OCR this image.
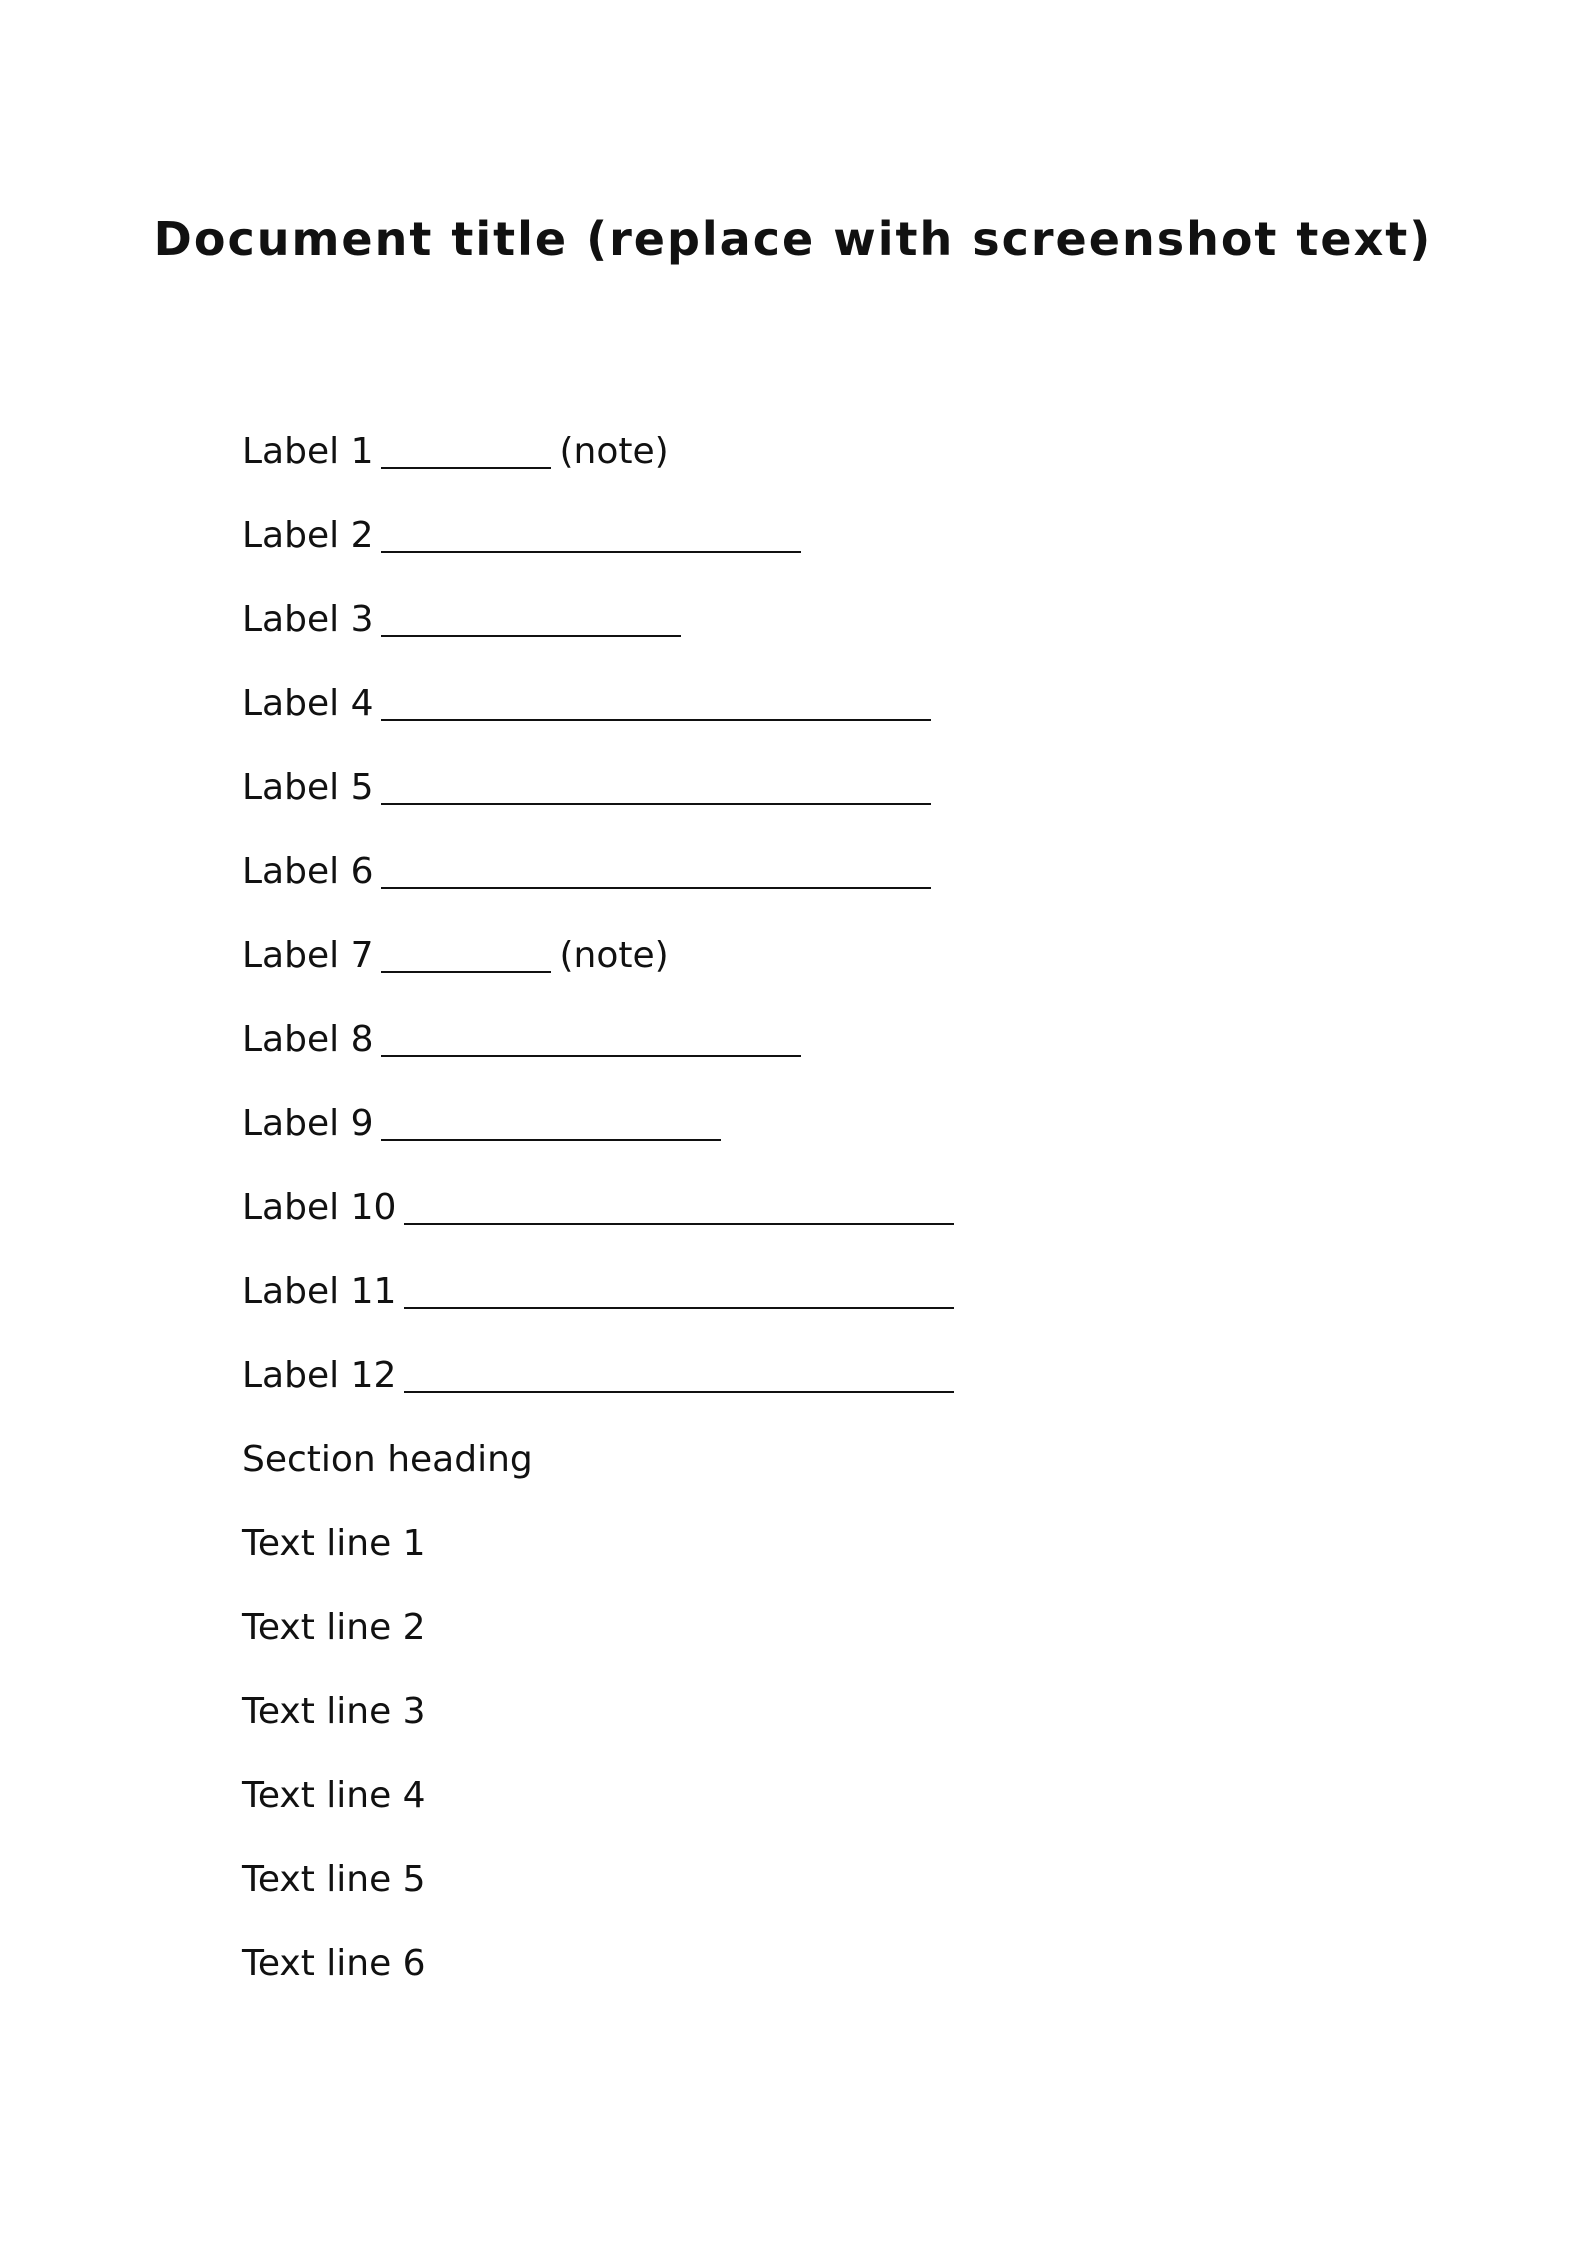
Document title (replace with screenshot text)
Label 1	(note)
Label 2
Label 3
Label 4
Label 5
Label 6
Label 7	(note)
Label 8
Label 9
Label 10
Label 11
Label 12
Section heading
Text line 1
Text line 2
Text line 3
Text line 4
Text line 5
Text line 6
